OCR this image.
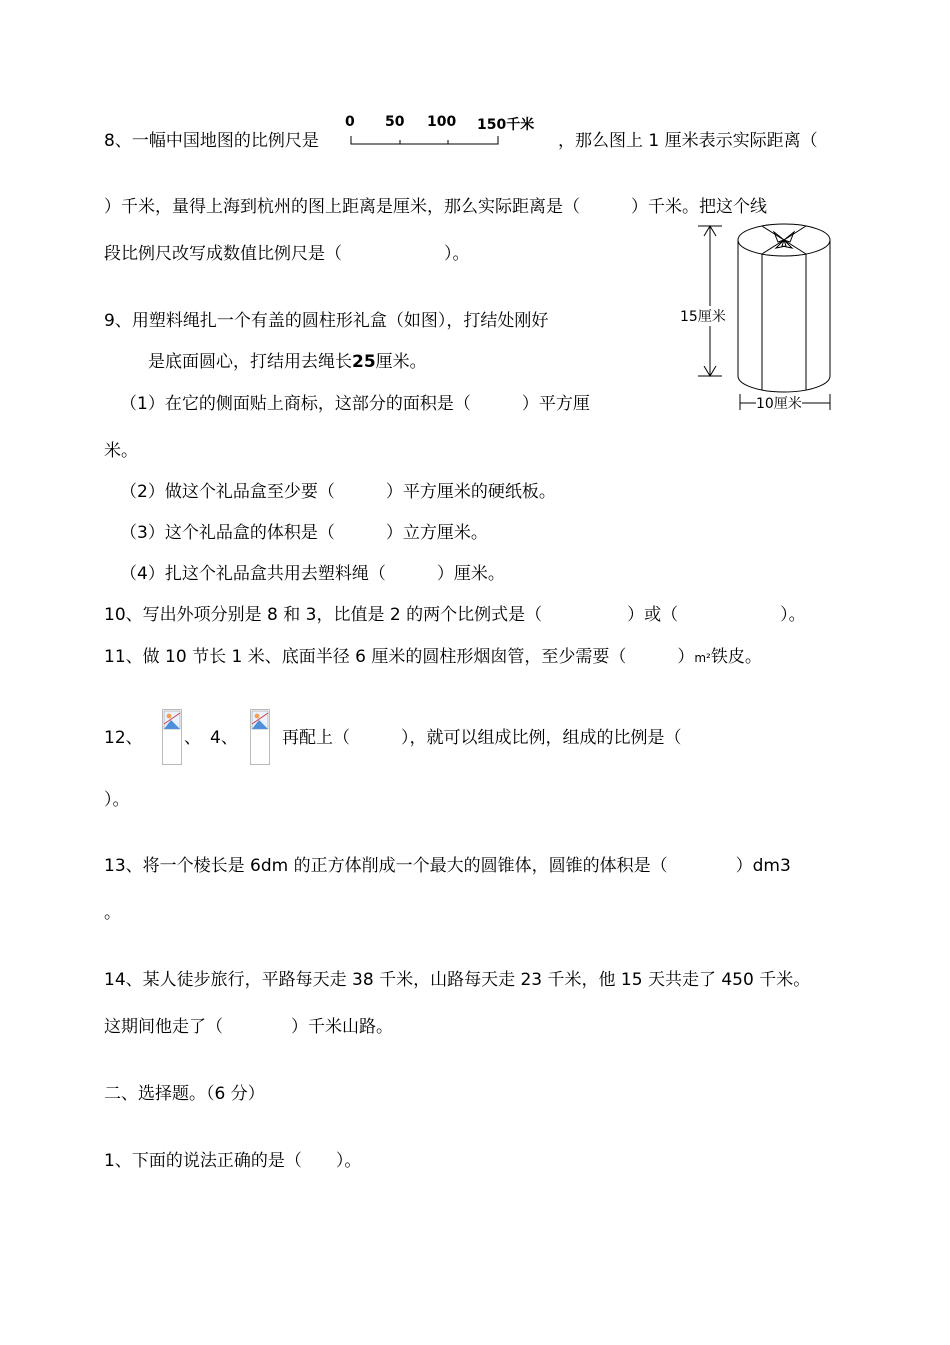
8、一幅中国地图的比例尺是
0 50 100 150千米
，那么图上 1 厘米表示实际距离（
）千米，量得上海到杭州的图上距离是厘米，那么实际距离是（　　　）千米。把这个线
段比例尺改写成数值比例尺是（　　　　　　）。
15厘米
10厘米
9、用塑料绳扎一个有盖的圆柱形礼盒（如图），打结处刚好
是底面圆心，打结用去绳长25厘米。
（1）在它的侧面贴上商标，这部分的面积是（　　　）平方厘
米。
（2）做这个礼品盒至少要（　　　）平方厘米的硬纸板。
（3）这个礼品盒的体积是（　　　）立方厘米。
（4）扎这个礼品盒共用去塑料绳（　　　）厘米。
10、写出外项分别是 8 和 3，比值是 2 的两个比例式是（　　　　　）或（　　　　　　）。
11、做 10 节长 1 米、底面半径 6 厘米的圆柱形烟囱管，至少需要（　　　）m²铁皮。
12、 、 4、	再配上（　　　），就可以组成比例，组成的比例是（
）。
13、将一个棱长是 6dm 的正方体削成一个最大的圆锥体，圆锥的体积是（　　　　）dm3
。
14、某人徒步旅行，平路每天走 38 千米，山路每天走 23 千米，他 15 天共走了 450 千米。
这期间他走了（　　　　）千米山路。
二、选择题。（6 分）
1、下面的说法正确的是（　　）。
